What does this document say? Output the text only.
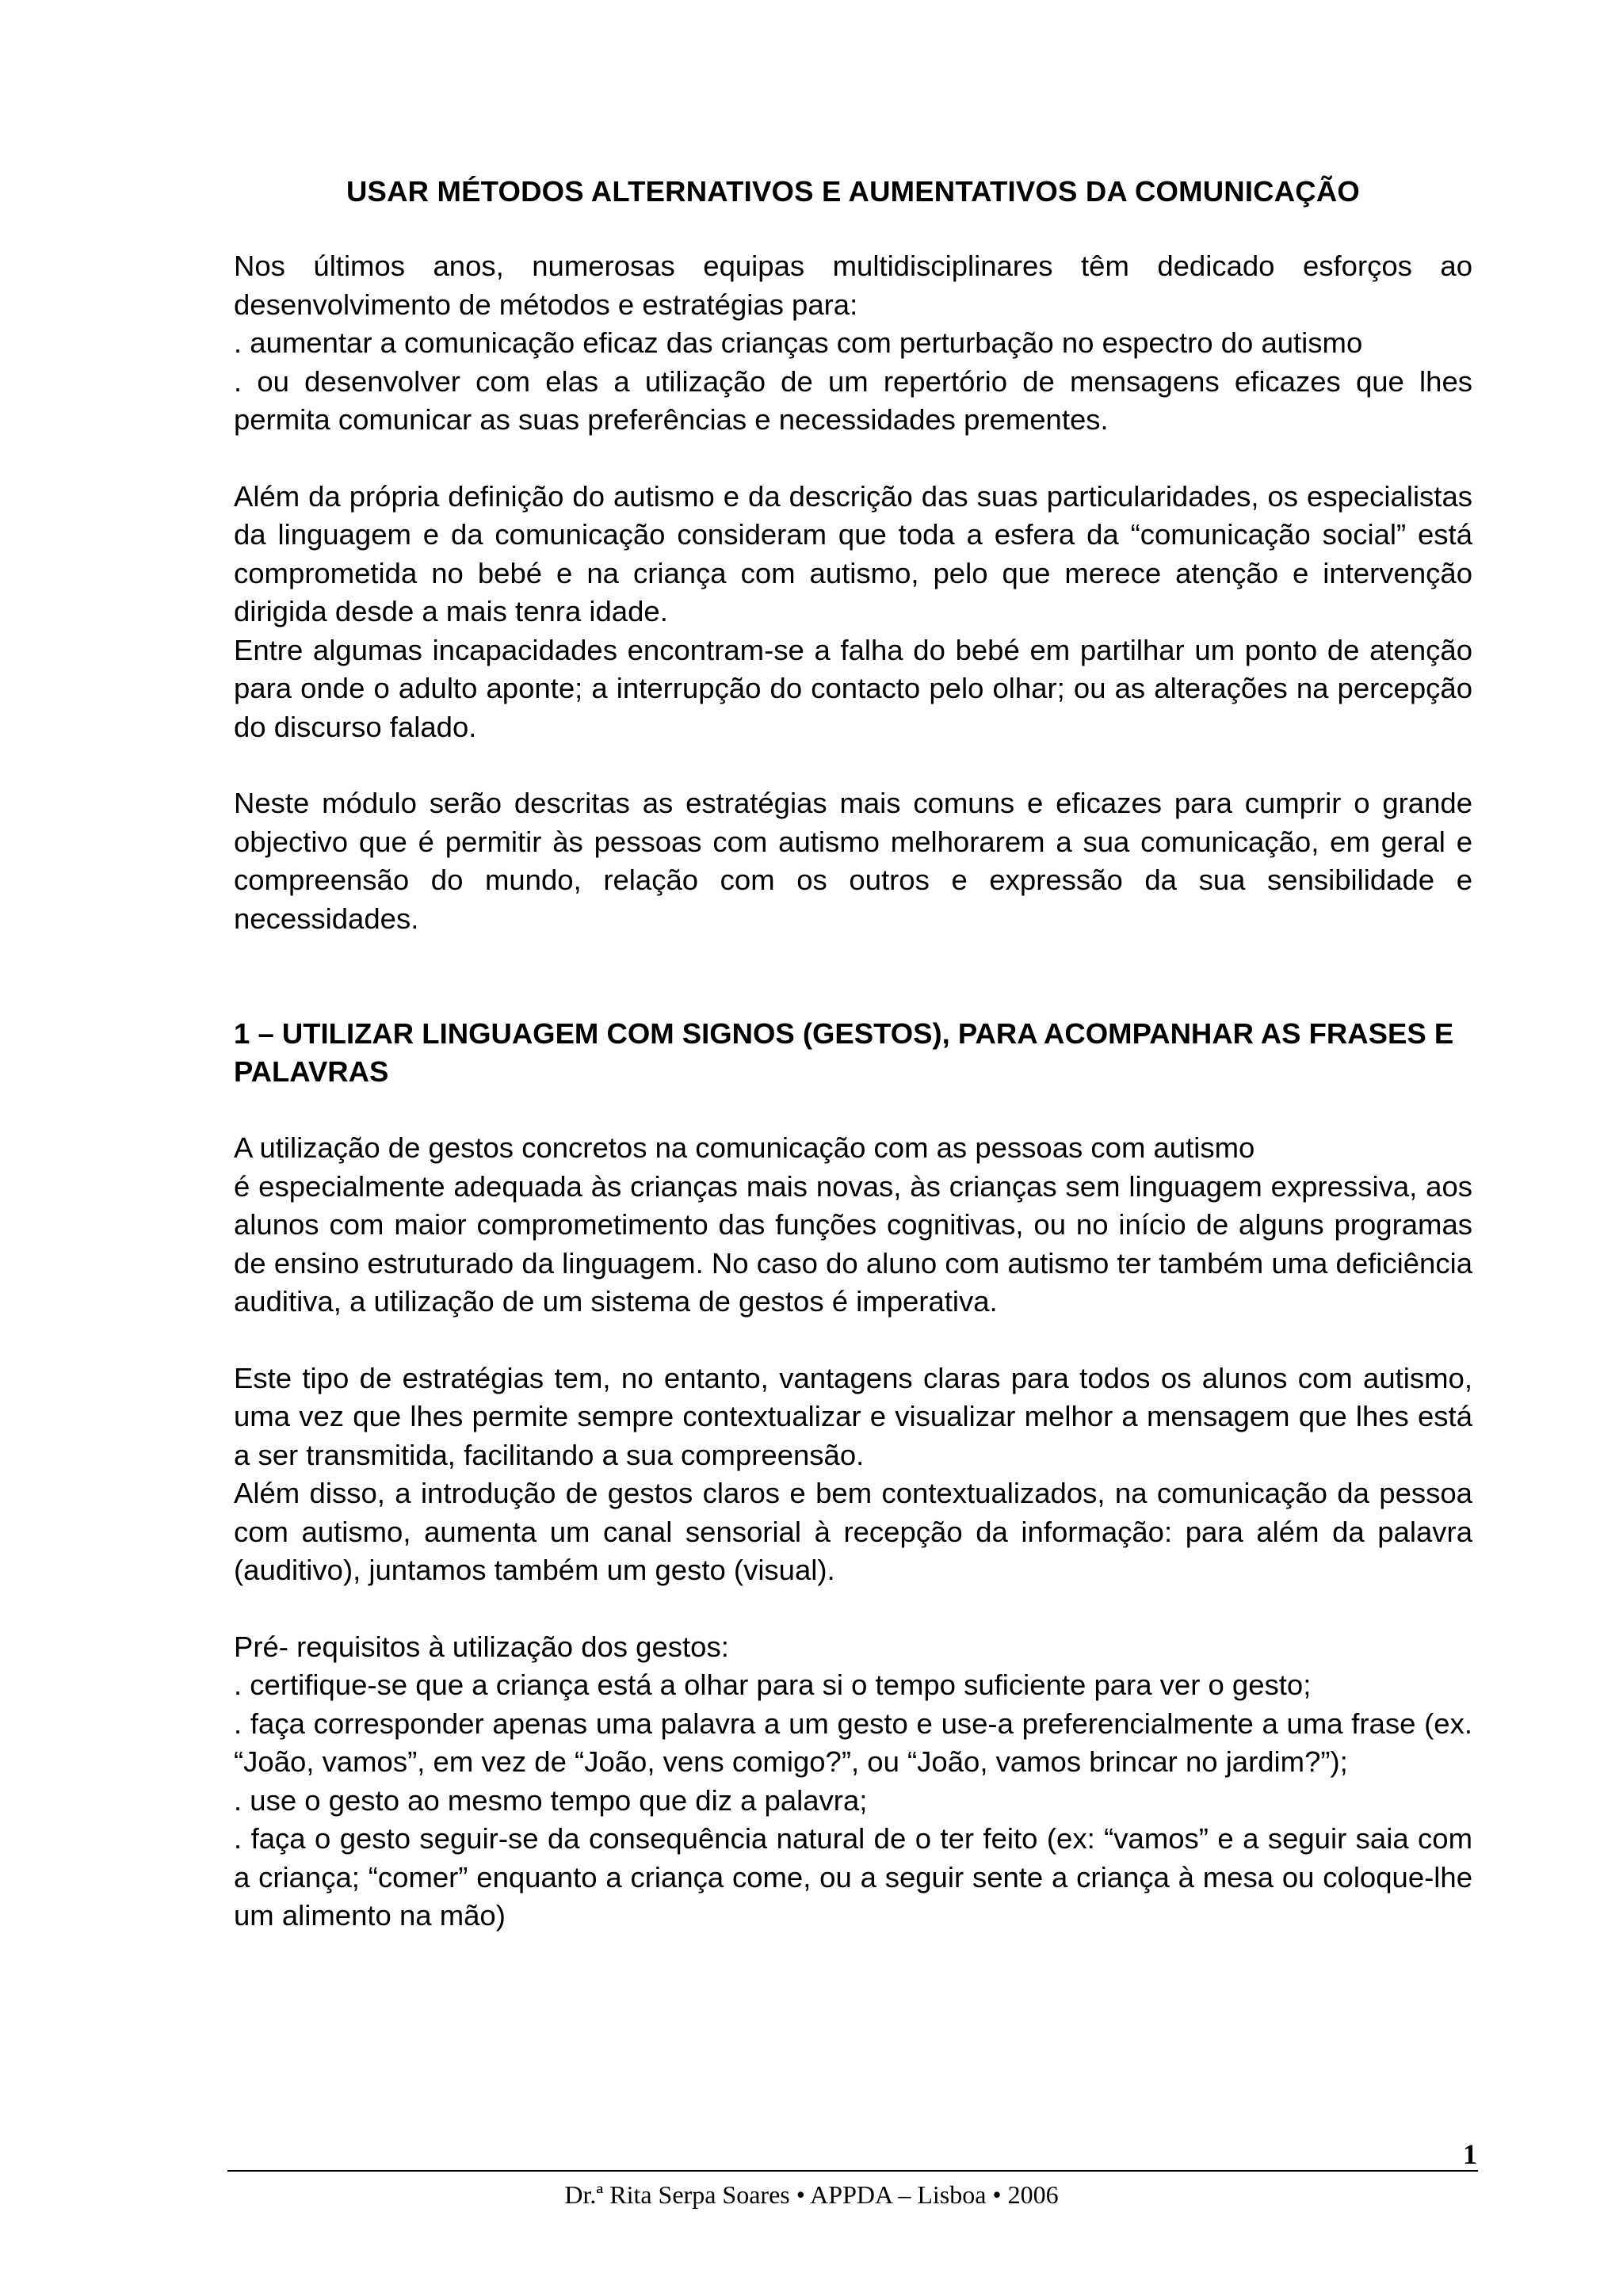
USAR MÉTODOS ALTERNATIVOS E AUMENTATIVOS DA COMUNICAÇÃO
Nos últimos anos, numerosas equipas multidisciplinares têm dedicado esforços ao desenvolvimento de métodos e estratégias para:
. aumentar a comunicação eficaz das crianças com perturbação no espectro do autismo
. ou desenvolver com elas a utilização de um repertório de mensagens eficazes que lhes permita comunicar as suas preferências e necessidades prementes.
Além da própria definição do autismo e da descrição das suas particularidades, os especialistas da linguagem e da comunicação consideram que toda a esfera da “comunicação social” está comprometida no bebé e na criança com autismo, pelo que merece atenção e intervenção dirigida desde a mais tenra idade.
Entre algumas incapacidades encontram-se a falha do bebé em partilhar um ponto de atenção para onde o adulto aponte; a interrupção do contacto pelo olhar; ou as alterações na percepção do discurso falado.
Neste módulo serão descritas as estratégias mais comuns e eficazes para cumprir o grande objectivo que é permitir às pessoas com autismo melhorarem a sua comunicação, em geral e compreensão do mundo, relação com os outros e expressão da sua sensibilidade e necessidades.
1 – UTILIZAR LINGUAGEM COM SIGNOS (GESTOS), PARA ACOMPANHAR AS FRASES E PALAVRAS
A utilização de gestos concretos na comunicação com as pessoas com autismo
é especialmente adequada às crianças mais novas, às crianças sem linguagem expressiva, aos alunos com maior comprometimento das funções cognitivas, ou no início de alguns programas de ensino estruturado da linguagem. No caso do aluno com autismo ter também uma deficiência auditiva, a utilização de um sistema de gestos é imperativa.
Este tipo de estratégias tem, no entanto, vantagens claras para todos os alunos com autismo, uma vez que lhes permite sempre contextualizar e visualizar melhor a mensagem que lhes está a ser transmitida, facilitando a sua compreensão.
Além disso, a introdução de gestos claros e bem contextualizados, na comunicação da pessoa com autismo, aumenta um canal sensorial à recepção da informação: para além da palavra (auditivo), juntamos também um gesto (visual).
Pré- requisitos à utilização dos gestos:
. certifique-se que a criança está a olhar para si o tempo suficiente para ver o gesto;
. faça corresponder apenas uma palavra a um gesto e use-a preferencialmente a uma frase (ex. “João, vamos”, em vez de “João, vens comigo?”, ou “João, vamos brincar no jardim?”);
. use o gesto ao mesmo tempo que diz a palavra;
. faça o gesto seguir-se da consequência natural de o ter feito (ex: “vamos” e a seguir saia com a criança; “comer” enquanto a criança come, ou a seguir sente a criança à mesa ou coloque-lhe um alimento na mão)
1
Dr.ª Rita Serpa Soares • APPDA – Lisboa • 2006
